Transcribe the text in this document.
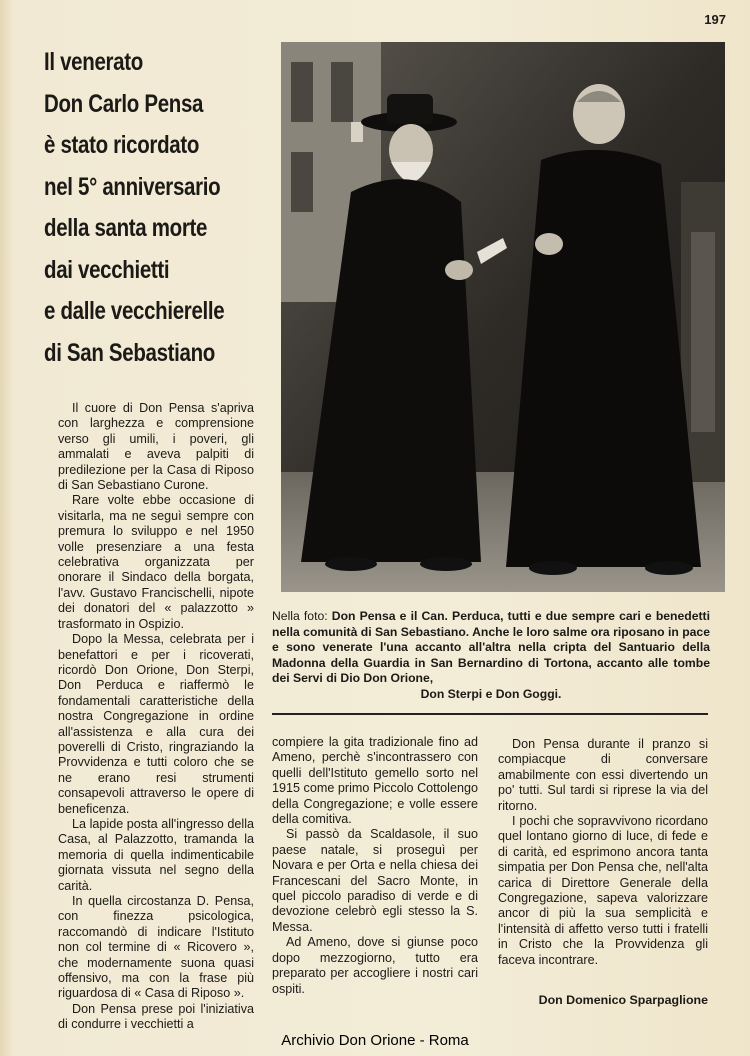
197
Il venerato
Don Carlo Pensa
è stato ricordato
nel 5° anniversario
della santa morte
dai vecchietti
e dalle vecchierelle
di San Sebastiano
Nella foto: Don Pensa e il Can. Perduca, tutti e due sempre cari e benedetti nella comunità di San Sebastiano. Anche le loro salme ora riposano in pace e sono venerate l'una accanto all'altra nella cripta del Santuario della Madonna della Guardia in San Bernardino di Tortona, accanto alle tombe dei Servi di Dio Don Orione,
Don Sterpi e Don Goggi.

Il cuore di Don Pensa s'apriva con larghezza e comprensione verso gli umili, i poveri, gli ammalati e aveva palpiti di predilezione per la Casa di Riposo di San Sebastiano Curone.

Rare volte ebbe occasione di visitarla, ma ne seguì sempre con premura lo sviluppo e nel 1950 volle presenziare a una festa celebrativa organizzata per onorare il Sindaco della borgata, l'avv. Gustavo Francischelli, nipote dei donatori del « palazzotto » trasformato in Ospizio.

Dopo la Messa, celebrata per i benefattori e per i ricoverati, ricordò Don Orione, Don Sterpi, Don Perduca e riaffermò le fondamentali caratteristiche della nostra Congregazione in ordine all'assistenza e alla cura dei poverelli di Cristo, ringraziando la Provvidenza e tutti coloro che se ne erano resi strumenti consapevoli attraverso le opere di beneficenza.

La lapide posta all'ingresso della Casa, al Palazzotto, tramanda la memoria di quella indimenticabile giornata vissuta nel segno della carità.

In quella circostanza D. Pensa, con finezza psicologica, raccomandò di indicare l'Istituto non col termine di « Ricovero », che modernamente suona quasi offensivo, ma con la frase più riguardosa di « Casa di Riposo ».

Don Pensa prese poi l'iniziativa di condurre i vecchietti a

compiere la gita tradizionale fino ad Ameno, perchè s'incontrassero con quelli dell'Istituto gemello sorto nel 1915 come primo Piccolo Cottolengo della Congregazione; e volle essere della comitiva.

Si passò da Scaldasole, il suo paese natale, si proseguì per Novara e per Orta e nella chiesa dei Francescani del Sacro Monte, in quel piccolo paradiso di verde e di devozione celebrò egli stesso la S. Messa.

Ad Ameno, dove si giunse poco dopo mezzogiorno, tutto era preparato per accogliere i nostri cari ospiti.

Don Pensa durante il pranzo si compiacque di conversare amabilmente con essi divertendo un po' tutti. Sul tardi si riprese la via del ritorno.

I pochi che sopravvivono ricordano quel lontano giorno di luce, di fede e di carità, ed esprimono ancora tanta simpatia per Don Pensa che, nell'alta carica di Direttore Generale della Congregazione, sapeva valorizzare ancor di più la sua semplicità e l'intensità di affetto verso tutti i fratelli in Cristo che la Provvidenza gli faceva incontrare.

Don Domenico Sparpaglione
Archivio Don Orione - Roma
